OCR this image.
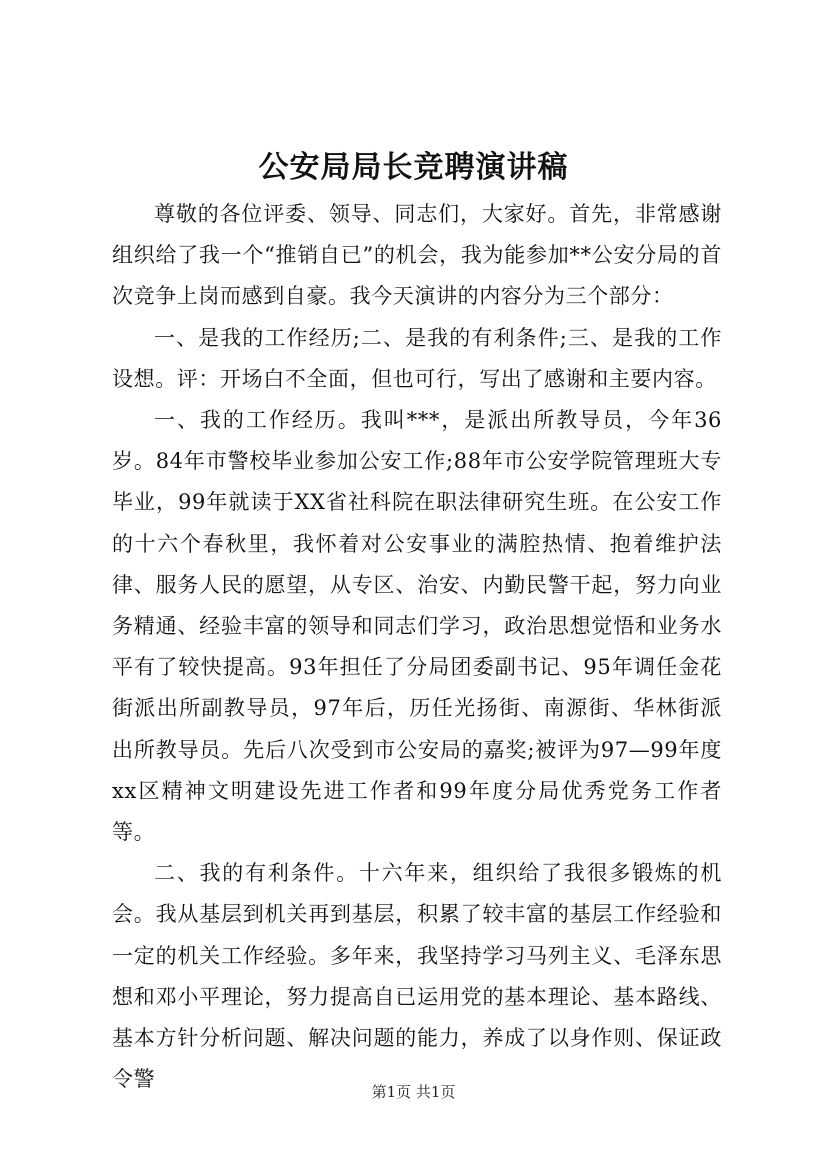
公安局局长竞聘演讲稿

尊敬的各位评委、领导、同志们，大家好。首先，非常感谢组织给了我一个“推销自已”的机会，我为能参加**公安分局的首次竞争上岗而感到自豪。我今天演讲的内容分为三个部分：

一、是我的工作经历;二、是我的有利条件;三、是我的工作设想。评：开场白不全面，但也可行，写出了感谢和主要内容。

一、我的工作经历。我叫***，是派出所教导员，今年36岁。84年市警校毕业参加公安工作;88年市公安学院管理班大专毕业，99年就读于XX省社科院在职法律研究生班。在公安工作的十六个春秋里，我怀着对公安事业的满腔热情、抱着维护法律、服务人民的愿望，从专区、治安、内勤民警干起，努力向业务精通、经验丰富的领导和同志们学习，政治思想觉悟和业务水平有了较快提高。93年担任了分局团委副书记、95年调任金花街派出所副教导员，97年后，历任光扬街、南源街、华林街派出所教导员。先后八次受到市公安局的嘉奖;被评为97—99年度xx区精神文明建设先进工作者和99年度分局优秀党务工作者等。

二、我的有利条件。十六年来，组织给了我很多锻炼的机会。我从基层到机关再到基层，积累了较丰富的基层工作经验和一定的机关工作经验。多年来，我坚持学习马列主义、毛泽东思想和邓小平理论，努力提高自已运用党的基本理论、基本路线、基本方针分析问题、解决问题的能力，养成了以身作则、保证政令警

第1页 共1页
